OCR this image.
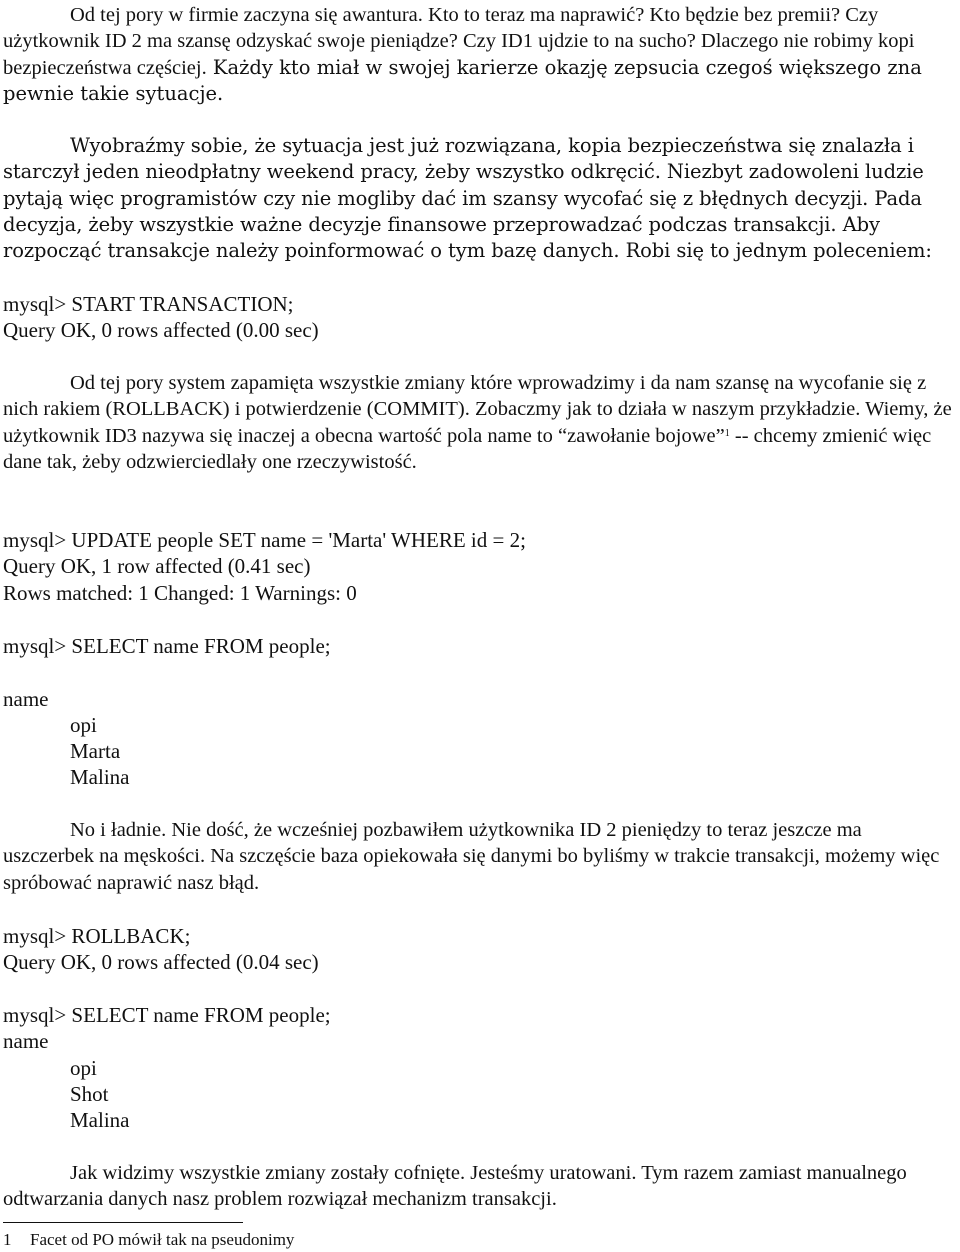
Od tej pory w firmie zaczyna się awantura. Kto to teraz ma naprawić? Kto będzie bez premii? Czy użytkownik ID 2 ma szansę odzyskać swoje pieniądze? Czy ID1 ujdzie to na sucho? Dlaczego nie robimy kopi bezpieczeństwa częściej. Każdy kto miał w swojej karierze okazję zepsucia czegoś większego zna pewnie takie sytuacje.

Wyobraźmy sobie, że sytuacja jest już rozwiązana, kopia bezpieczeństwa się znalazła i starczył jeden nieodpłatny weekend pracy, żeby wszystko odkręcić. Niezbyt zadowoleni ludzie pytają więc programistów czy nie mogliby dać im szansy wycofać się z błędnych decyzji. Pada decyzja, żeby wszystkie ważne decyzje finansowe przeprowadzać podczas transakcji. Aby rozpocząć transakcje należy poinformować o tym bazę danych. Robi się to jednym poleceniem:

mysql> START TRANSACTION;
Query OK, 0 rows affected (0.00 sec)

Od tej pory system zapamięta wszystkie zmiany które wprowadzimy i da nam szansę na wycofanie się z nich rakiem (ROLLBACK) i potwierdzenie (COMMIT). Zobaczmy jak to działa w naszym przykładzie. Wiemy, że użytkownik ID3 nazywa się inaczej a obecna wartość pola name to “zawołanie bojowe”$^1$ -- chcemy zmienić więc dane tak, żeby odzwierciedlały one rzeczywistość.

mysql> UPDATE people SET name = 'Marta' WHERE id = 2;
Query OK, 1 row affected (0.41 sec)
Rows matched: 1 Changed: 1 Warnings: 0
mysql> SELECT name FROM people;
name
opi
Marta
Malina

No i ładnie. Nie dość, że wcześniej pozbawiłem użytkownika ID 2 pieniędzy to teraz jeszcze ma uszczerbek na męskości. Na szczęście baza opiekowała się danymi bo byliśmy w trakcie transakcji, możemy więc spróbować naprawić nasz błąd.

mysql> ROLLBACK;
Query OK, 0 rows affected (0.04 sec)
mysql> SELECT name FROM people;
name
opi
Shot
Malina

Jak widzimy wszystkie zmiany zostały cofnięte. Jesteśmy uratowani. Tym razem zamiast manualnego odtwarzania danych nasz problem rozwiązał mechanizm transakcji.

1 Facet od PO mówił tak na pseudonimy
